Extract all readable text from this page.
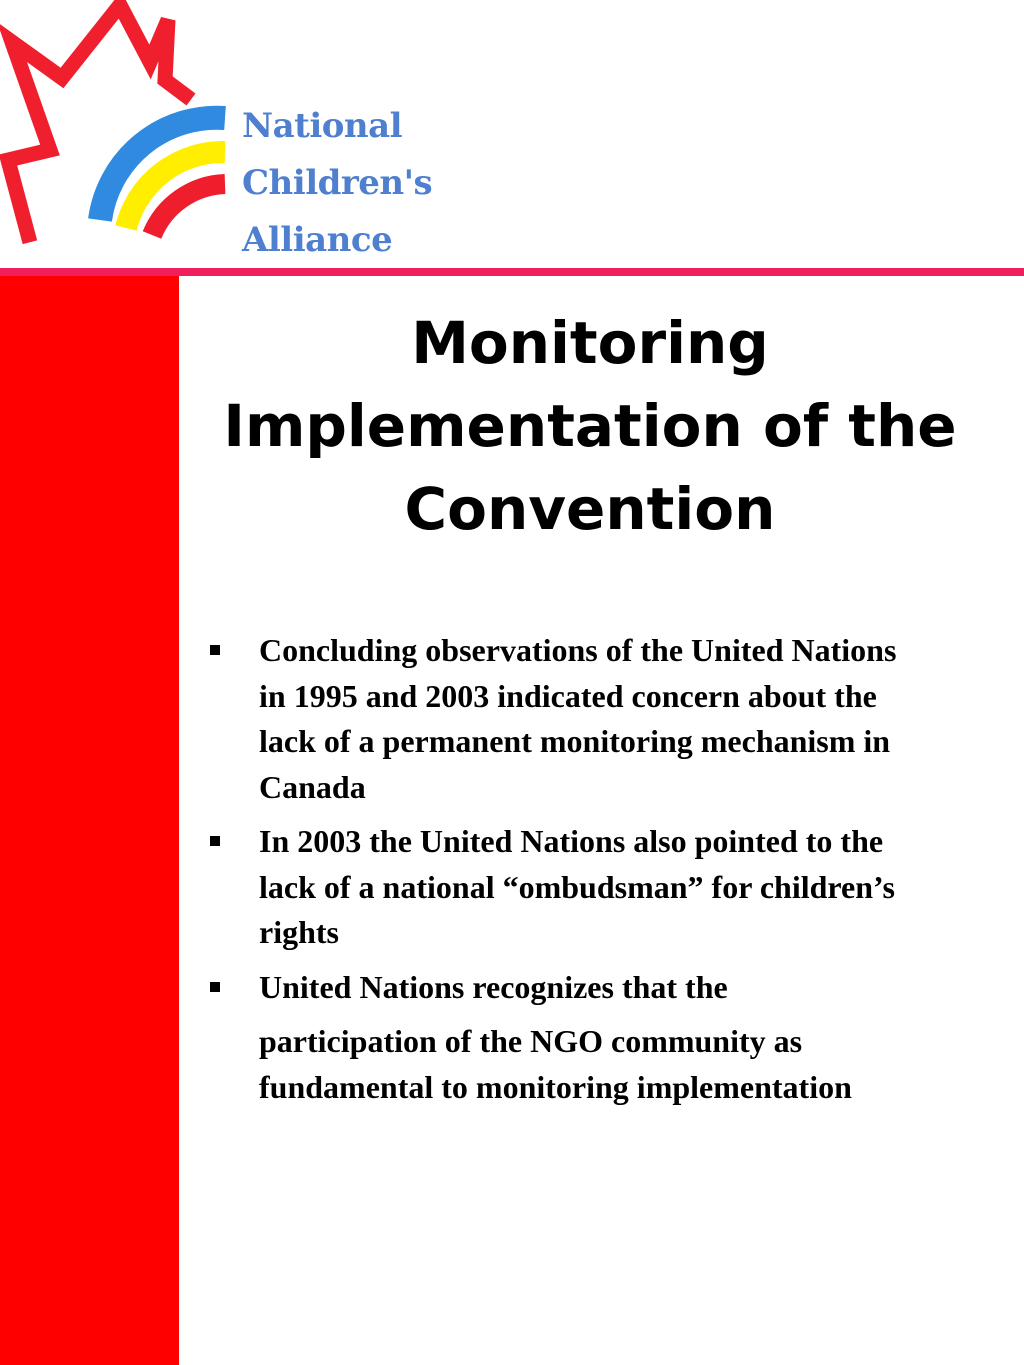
National
Children's
Alliance
Monitoring
Implementation of the
Convention
Concluding observations of the United Nations
in 1995 and 2003 indicated concern about the
lack of a permanent monitoring mechanism in
Canada
In 2003 the United Nations also pointed to the
lack of a national “ombudsman” for children’s
rights
United Nations recognizes that the
participation of the NGO community as
fundamental to monitoring implementation
